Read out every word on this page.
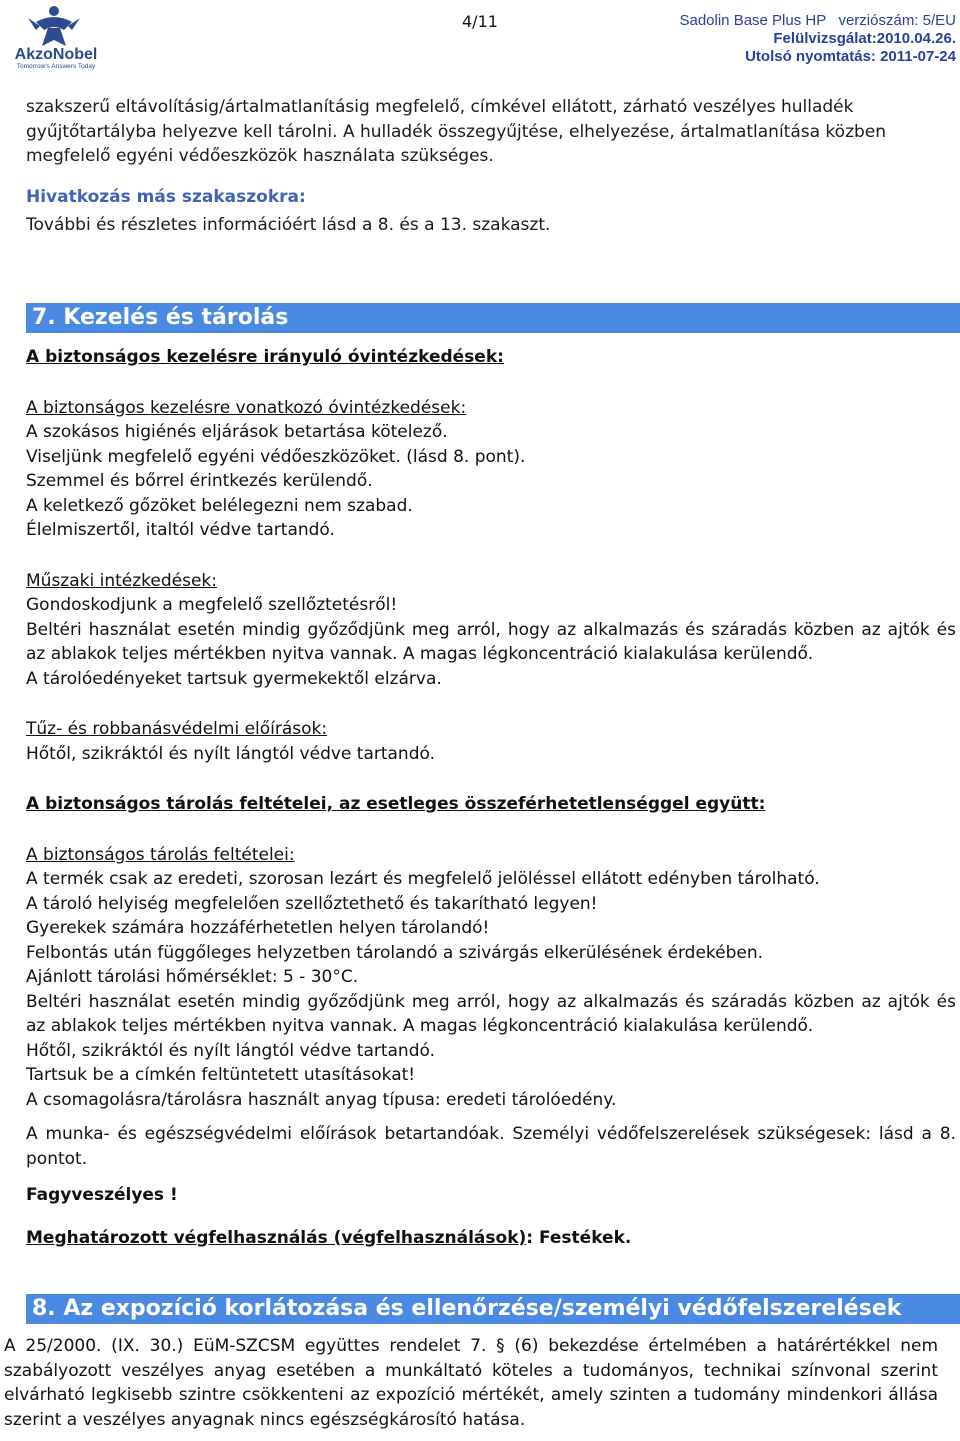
AkzoNobel
Tomorrow's Answers Today
4/11	Sadolin Base Plus HP   verziószám: 5/EU
Felülvizsgálat:2010.04.26.
Utolsó nyomtatás: 2011-07-24

szakszerű eltávolításig/ártalmatlanításig megfelelő, címkével ellátott, zárható veszélyes hulladék gyűjtőtartályba helyezve kell tárolni. A hulladék összegyűjtése, elhelyezése, ártalmatlanítása közben megfelelő egyéni védőeszközök használata szükséges.

Hivatkozás más szakaszokra:

További és részletes információért lásd a 8. és a 13. szakaszt.

7. Kezelés és tárolás

A biztonságos kezelésre irányuló óvintézkedések:

A biztonságos kezelésre vonatkozó óvintézkedések:

A szokásos higiénés eljárások betartása kötelező.

Viseljünk megfelelő egyéni védőeszközöket. (lásd 8. pont).

Szemmel és bőrrel érintkezés kerülendő.

A keletkező gőzöket belélegezni nem szabad.

Élelmiszertől, italtól védve tartandó.

Műszaki intézkedések:

Gondoskodjunk a megfelelő szellőztetésről!

Beltéri használat esetén mindig győződjünk meg arról, hogy az alkalmazás és száradás közben az ajtók és az ablakok teljes mértékben nyitva vannak. A magas légkoncentráció kialakulása kerülendő.

A tárolóedényeket tartsuk gyermekektől elzárva.

Tűz- és robbanásvédelmi előírások:

Hőtől, szikráktól és nyílt lángtól védve tartandó.

A biztonságos tárolás feltételei, az esetleges összeférhetetlenséggel együtt:

A biztonságos tárolás feltételei:

A termék csak az eredeti, szorosan lezárt és megfelelő jelöléssel ellátott edényben tárolható.

A tároló helyiség megfelelően szellőztethető és takarítható legyen!

Gyerekek számára hozzáférhetetlen helyen tárolandó!

Felbontás után függőleges helyzetben tárolandó a szivárgás elkerülésének érdekében.

Ajánlott tárolási hőmérséklet: 5 - 30°C.

Beltéri használat esetén mindig győződjünk meg arról, hogy az alkalmazás és száradás közben az ajtók és az ablakok teljes mértékben nyitva vannak. A magas légkoncentráció kialakulása kerülendő.

Hőtől, szikráktól és nyílt lángtól védve tartandó.

Tartsuk be a címkén feltüntetett utasításokat!

A csomagolásra/tárolásra használt anyag típusa: eredeti tárolóedény.

A munka- és egészségvédelmi előírások betartandóak. Személyi védőfelszerelések szükségesek: lásd a 8. pontot.

Fagyveszélyes !

Meghatározott végfelhasználás (végfelhasználások): Festékek.

8. Az expozíció korlátozása és ellenőrzése/személyi védőfelszerelések

A 25/2000. (IX. 30.) EüM-SZCSM együttes rendelet 7. § (6) bekezdése értelmében a határértékkel nem szabályozott veszélyes anyag esetében a munkáltató köteles a tudományos, technikai színvonal szerint elvárható legkisebb szintre csökkenteni az expozíció mértékét, amely szinten a tudomány mindenkori állása szerint a veszélyes anyagnak nincs egészségkárosító hatása.
